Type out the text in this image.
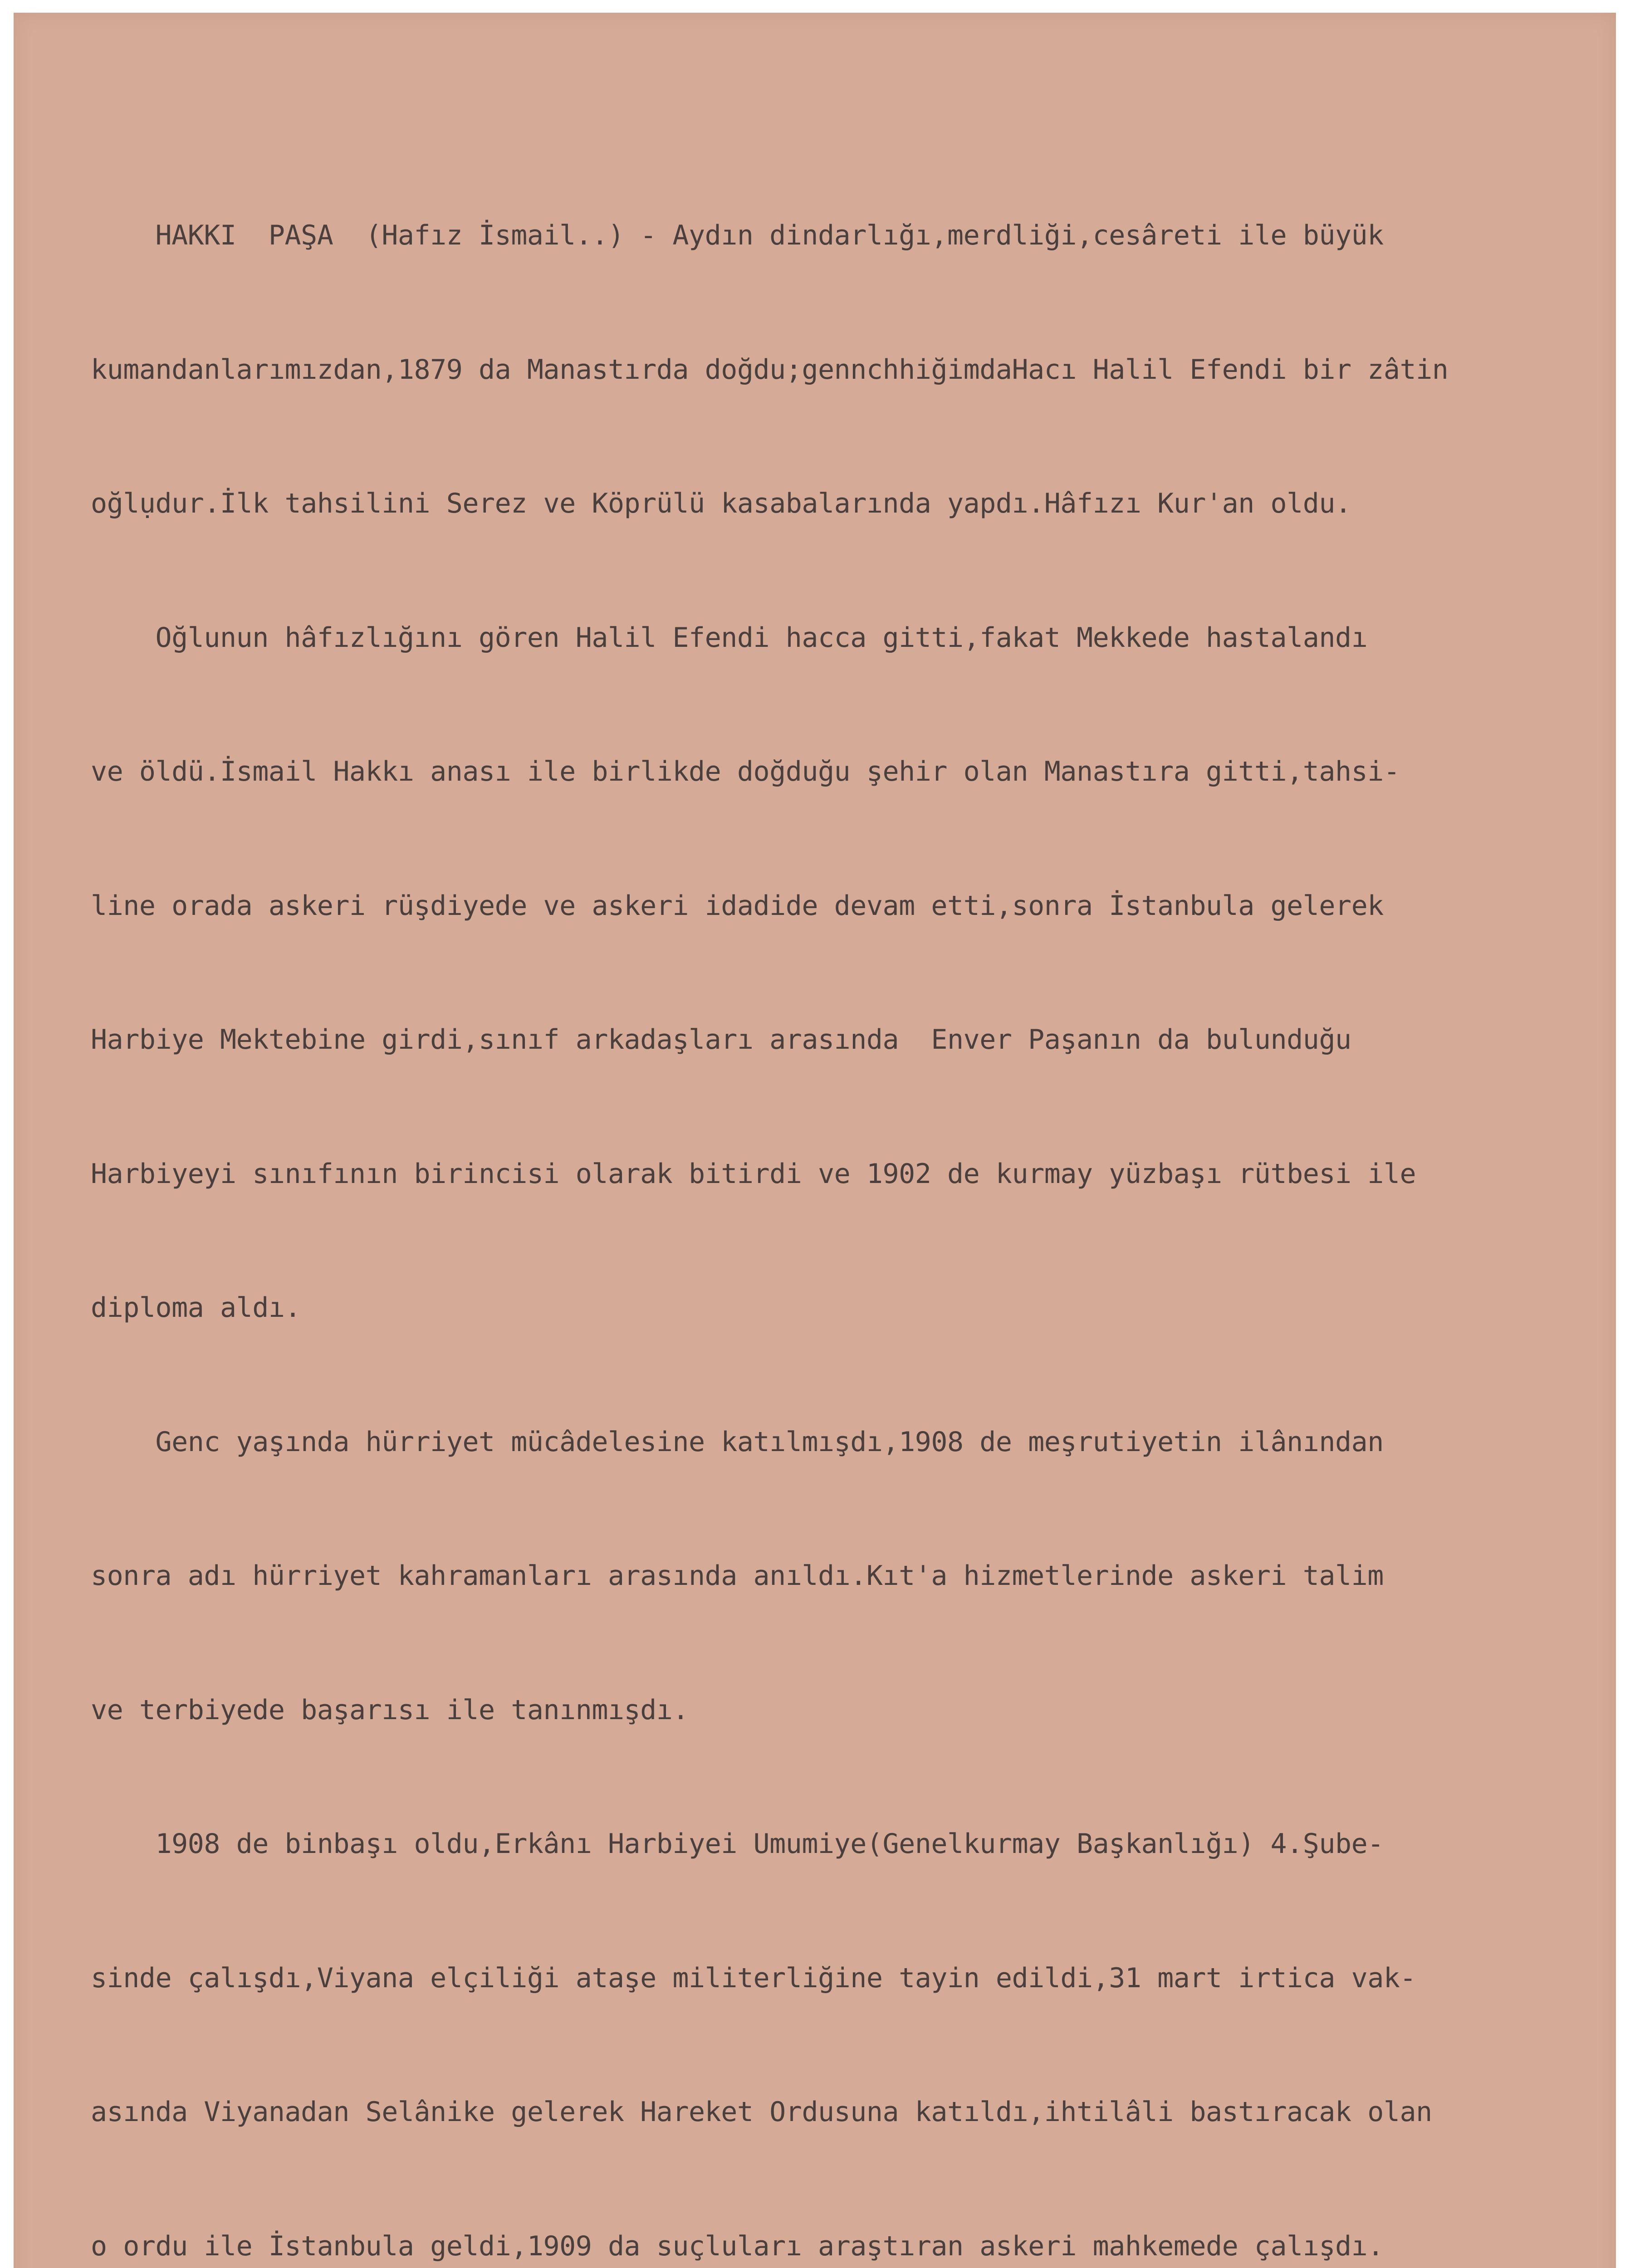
HAKKI  PAŞA  (Hafız İsmail..) - Aydın dindarlığı,merdliği,cesâreti ile büyük

kumandanlarımızdan,1879 da Manastırda doğdu;gennchhiğimdaHacı Halil Efendi bir zâtin

oğlụdur.İlk tahsilini Serez ve Köprülü kasabalarında yapdı.Hâfızı Kur'an oldu.

Oğlunun hâfızlığını gören Halil Efendi hacca gitti,fakat Mekkede hastalandı

ve öldü.İsmail Hakkı anası ile birlikde doğduğu şehir olan Manastıra gitti,tahsi-

line orada askeri rüşdiyede ve askeri idadide devam etti,sonra İstanbula gelerek

Harbiye Mektebine girdi,sınıf arkadaşları arasında  Enver Paşanın da bulunduğu

Harbiyeyi sınıfının birincisi olarak bitirdi ve 1902 de kurmay yüzbaşı rütbesi ile

diploma aldı.

Genc yaşında hürriyet mücâdelesine katılmışdı,1908 de meşrutiyetin ilânından

sonra adı hürriyet kahramanları arasında anıldı.Kıt'a hizmetlerinde askeri talim

ve terbiyede başarısı ile tanınmışdı.

1908 de binbaşı oldu,Erkânı Harbiyei Umumiye(Genelkurmay Başkanlığı) 4.Şube-

sinde çalışdı,Viyana elçiliği ataşe militerliğine tayin edildi,31 mart irtica vak-

asında Viyanadan Selânike gelerek Hareket Ordusuna katıldı,ihtilâli bastıracak olan

o ordu ile İstanbula geldi,1909 da suçluları araştıran askeri mahkemede çalışdı.
